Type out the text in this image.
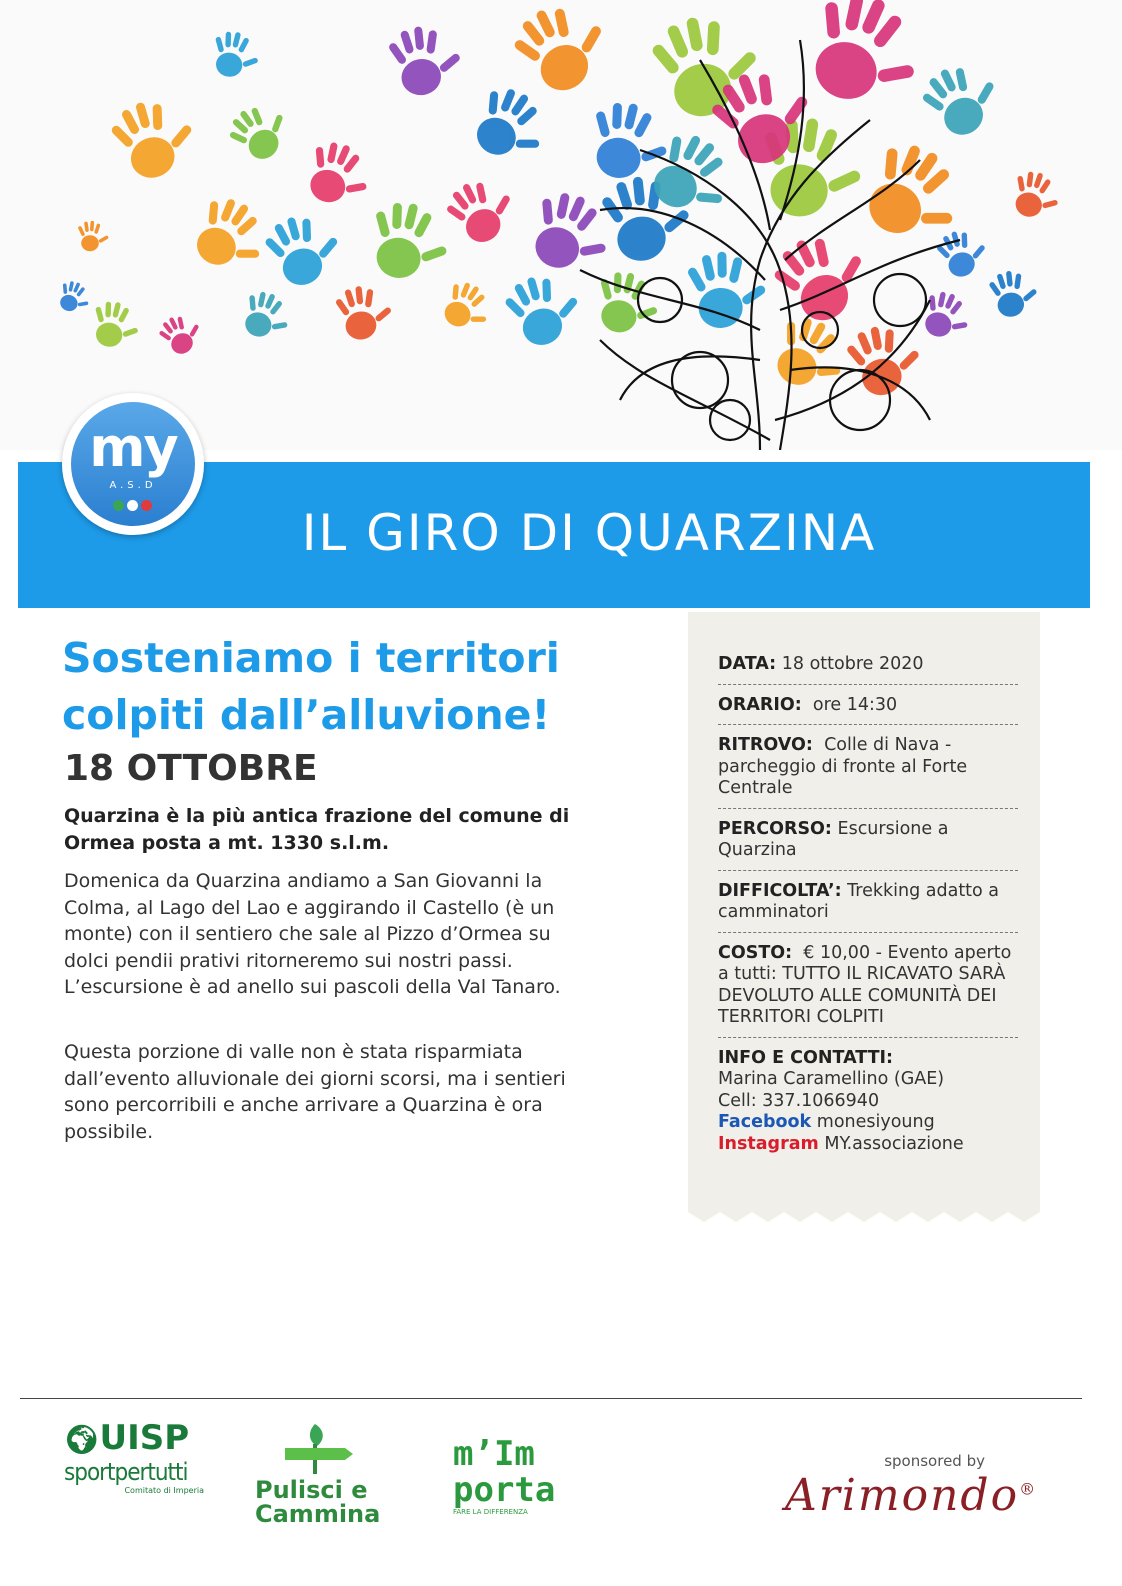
IL GIRO DI QUARZINA
my
A.S.D
Sosteniamo i territori
colpiti dall’alluvione!
18 OTTOBRE

Quarzina è la più antica frazione del comune di Ormea posta a mt. 1330 s.l.m.

Domenica da Quarzina andiamo a San Giovanni la Colma, al Lago del Lao e aggirando il Castello (è un monte) con il sentiero che sale al Pizzo d’Ormea su dolci pendii prativi ritorneremo sui nostri passi. L’escursione è ad anello sui pascoli della Val Tanaro.

Questa porzione di valle non è stata risparmiata dall’evento alluvionale dei giorni scorsi, ma i sentieri sono percorribili e anche arrivare a Quarzina è ora possibile.

DATA: 18 ottobre 2020
ORARIO: ore 14:30
RITROVO: Colle di Nava - parcheggio di fronte al Forte Centrale
PERCORSO: Escursione a Quarzina
DIFFICOLTA’: Trekking adatto a camminatori
COSTO: € 10,00 - Evento aperto a tutti: TUTTO IL RICAVATO SARÀ DEVOLUTO ALLE COMUNITÀ DEI TERRITORI COLPITI
INFO E CONTATTI:
Marina Caramellino (GAE)
Cell: 337.1066940
Facebook monesiyoung
Instagram MY.associazione
🌍︎UISP
sportpertutti
Comitato di Imperia Pulisci e
Cammina
m’Im
porta
FARE LA DIFFERENZA
sponsored by
Arimondo®
